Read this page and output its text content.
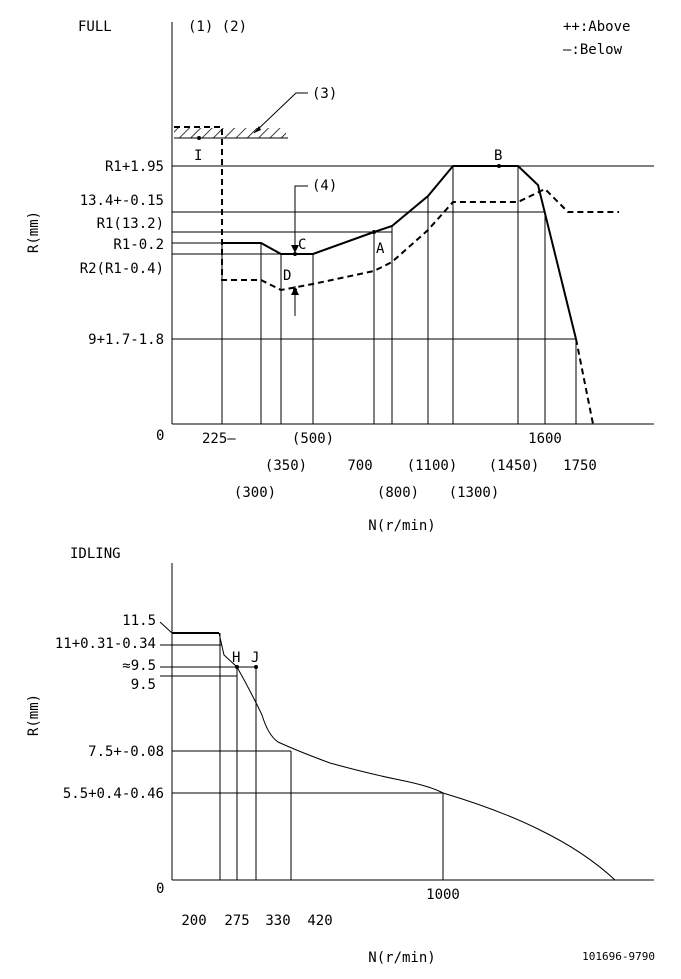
FULL	(1) (2)	++:Above
—:Below
R(mm)
N(r/min)
0
R1+1.95
13.4+-0.15
R1(13.2)
R1-0.2
R2(R1-0.4)
9+1.7-1.8
225—
(300)
(350)
(500)
700
(800)
(1100)
(1300)
(1450)
1600
1750
(3)
(4)
I
C
D
A
B
IDLING
R(mm)
N(r/min)
0
11.5
11+0.31-0.34
≈9.5
9.5
7.5+-0.08
5.5+0.4-0.46
200 275 330 420
1000
H J
101696-9790
